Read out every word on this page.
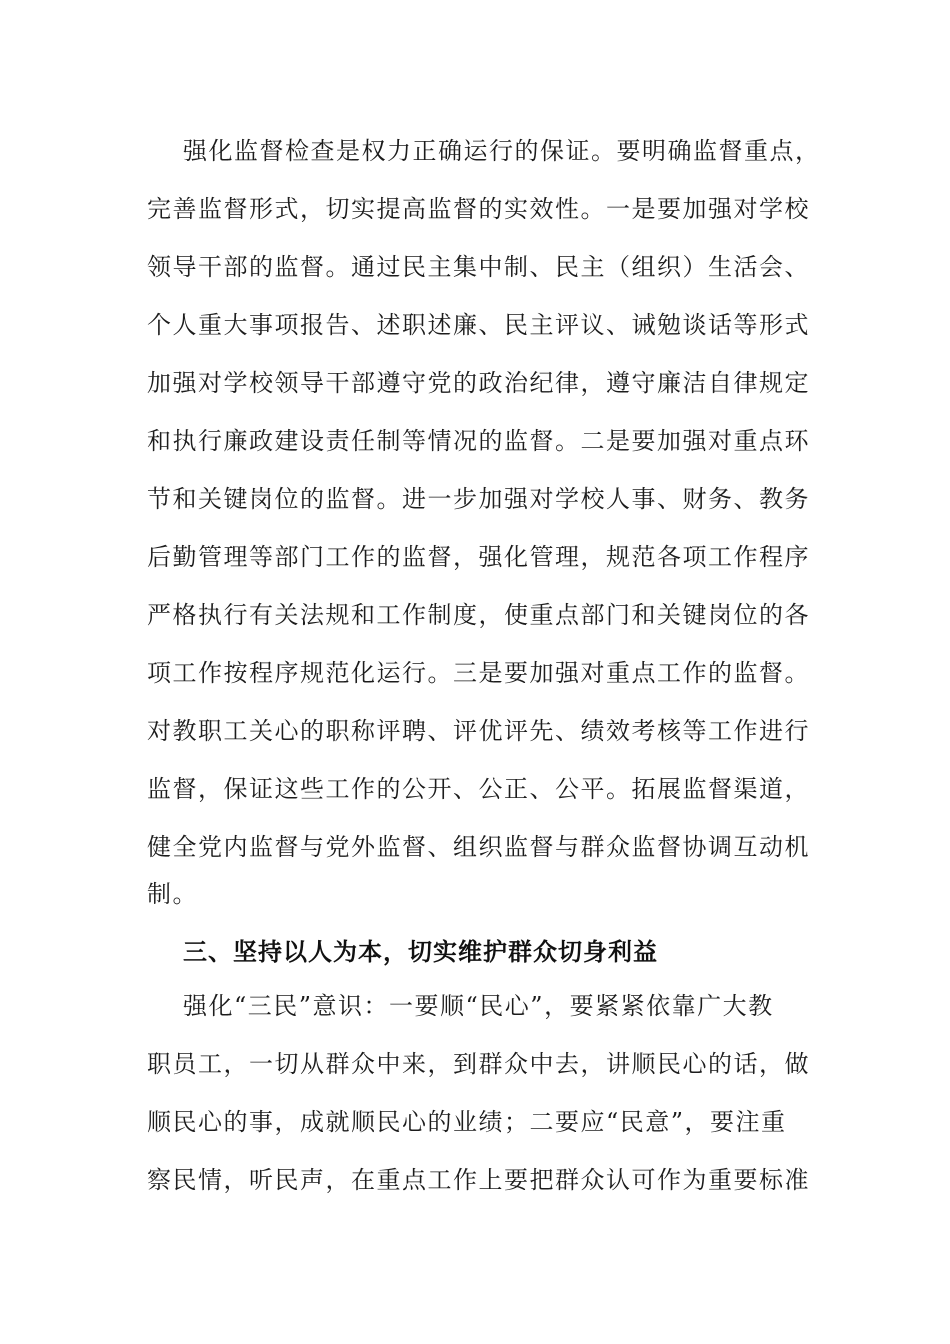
强化监督检查是权力正确运行的保证。要明确监督重点，
完善监督形式，切实提高监督的实效性。一是要加强对学校
领导干部的监督。通过民主集中制、民主（组织）生活会、
个人重大事项报告、述职述廉、民主评议、诫勉谈话等形式
加强对学校领导干部遵守党的政治纪律，遵守廉洁自律规定
和执行廉政建设责任制等情况的监督。二是要加强对重点环
节和关键岗位的监督。进一步加强对学校人事、财务、教务
后勤管理等部门工作的监督，强化管理，规范各项工作程序
严格执行有关法规和工作制度，使重点部门和关键岗位的各
项工作按程序规范化运行。三是要加强对重点工作的监督。
对教职工关心的职称评聘、评优评先、绩效考核等工作进行
监督，保证这些工作的公开、公正、公平。拓展监督渠道，
健全党内监督与党外监督、组织监督与群众监督协调互动机
制。
三、坚持以人为本，切实维护群众切身利益
强化“三民”意识：一要顺“民心”，要紧紧依靠广大教
职员工，一切从群众中来，到群众中去，讲顺民心的话，做
顺民心的事，成就顺民心的业绩；二要应“民意”，要注重
察民情，听民声，在重点工作上要把群众认可作为重要标准
